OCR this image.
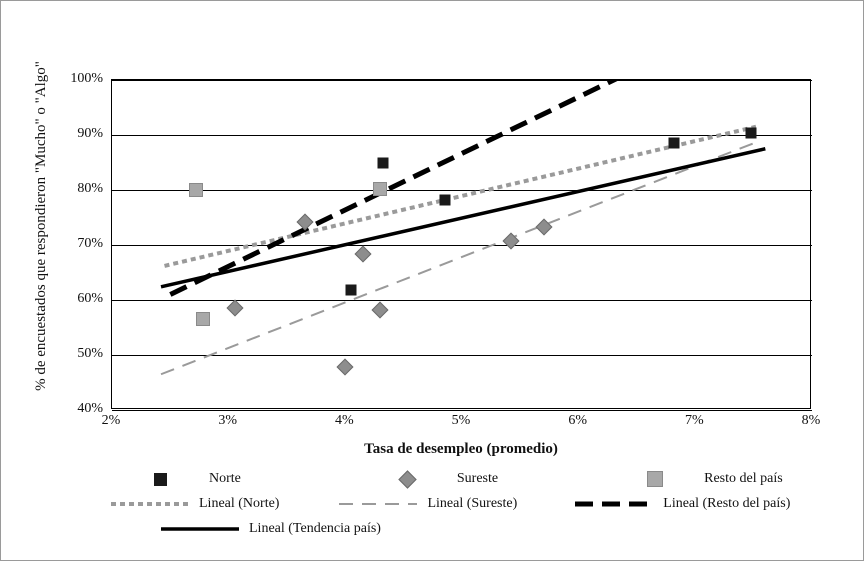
% de encuestados que respondieron "Mucho" o "Algo"
40%
50%
60%
70%
80%
90%
100%
2%	3%	4%	5%	6%	7%	8%
Tasa de desempleo (promedio)
Norte	Sureste	Resto del país
Lineal (Norte)	Lineal (Sureste)	Lineal (Resto del país)
Lineal (Tendencia país)
